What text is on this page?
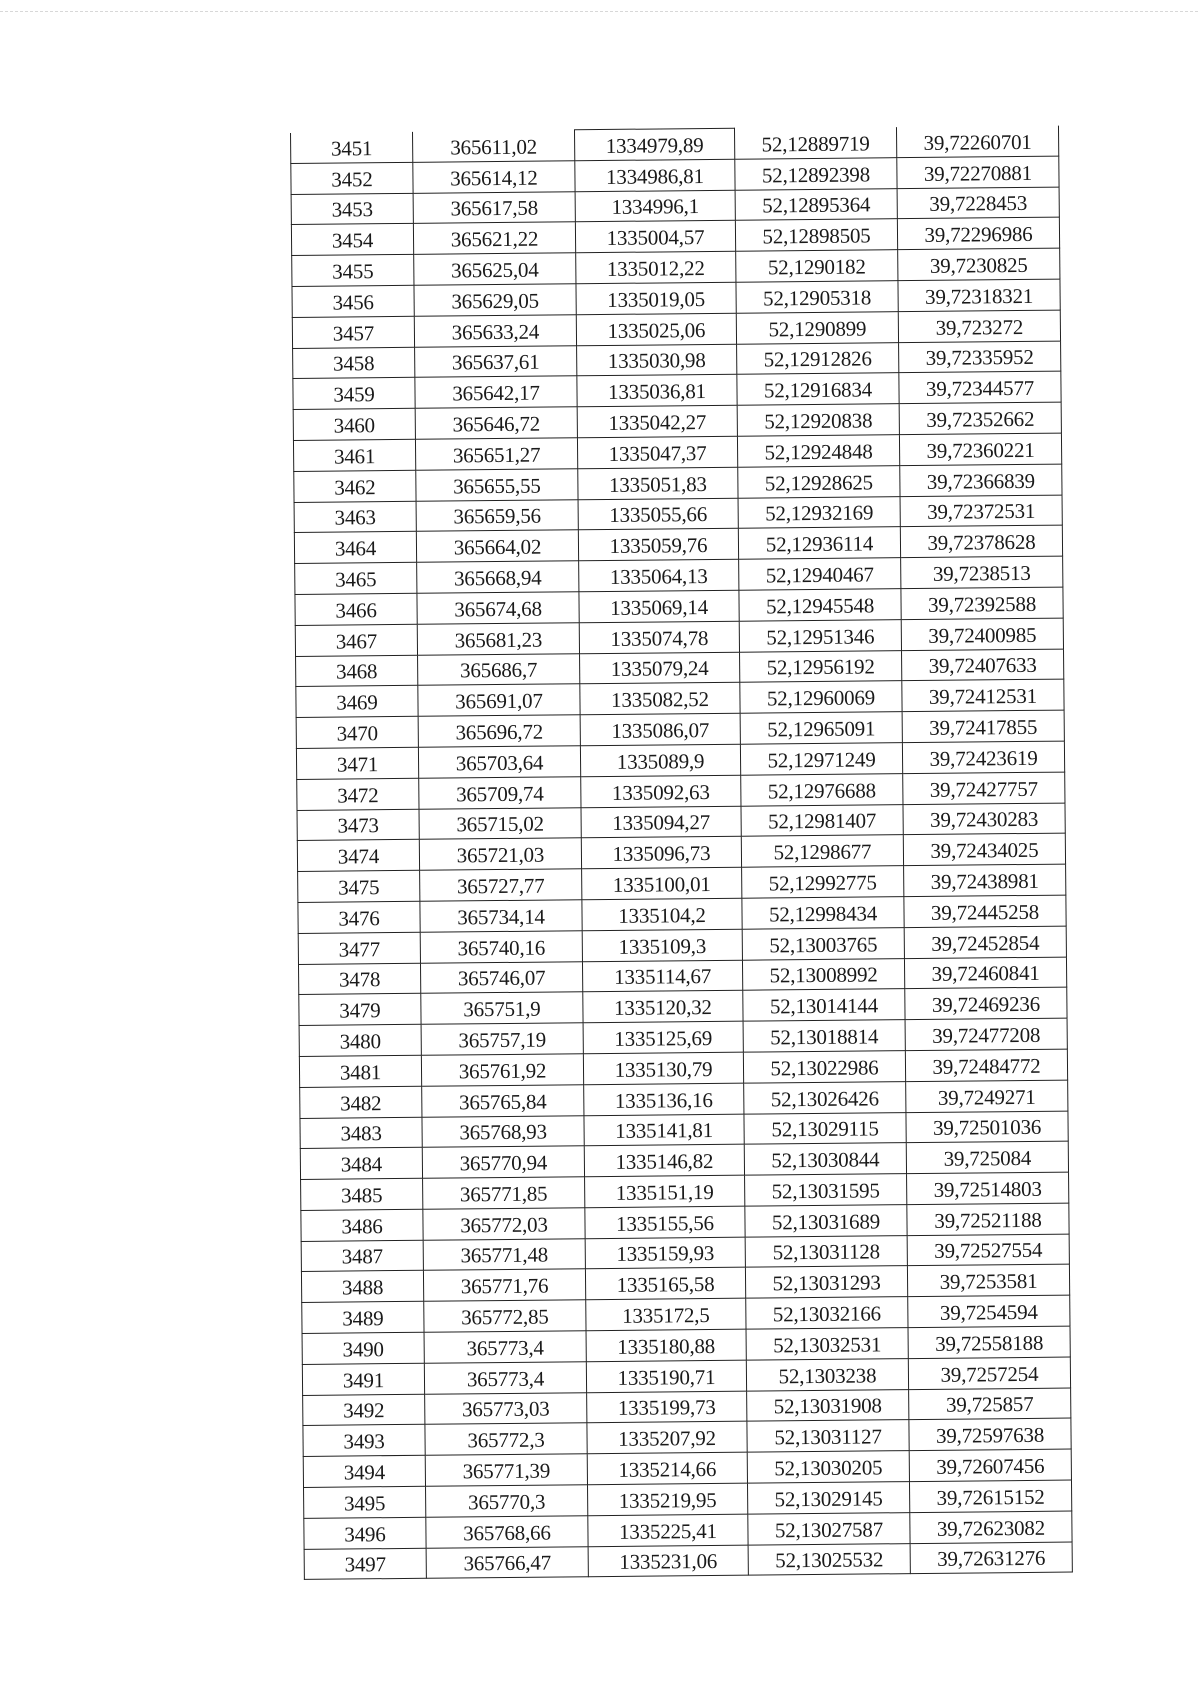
3451	365611,02	1334979,89	52,12889719	39,72260701
3452	365614,12	1334986,81	52,12892398	39,72270881
3453	365617,58	1334996,1	52,12895364	39,7228453
3454	365621,22	1335004,57	52,12898505	39,72296986
3455	365625,04	1335012,22	52,1290182	39,7230825
3456	365629,05	1335019,05	52,12905318	39,72318321
3457	365633,24	1335025,06	52,1290899	39,723272
3458	365637,61	1335030,98	52,12912826	39,72335952
3459	365642,17	1335036,81	52,12916834	39,72344577
3460	365646,72	1335042,27	52,12920838	39,72352662
3461	365651,27	1335047,37	52,12924848	39,72360221
3462	365655,55	1335051,83	52,12928625	39,72366839
3463	365659,56	1335055,66	52,12932169	39,72372531
3464	365664,02	1335059,76	52,12936114	39,72378628
3465	365668,94	1335064,13	52,12940467	39,7238513
3466	365674,68	1335069,14	52,12945548	39,72392588
3467	365681,23	1335074,78	52,12951346	39,72400985
3468	365686,7	1335079,24	52,12956192	39,72407633
3469	365691,07	1335082,52	52,12960069	39,72412531
3470	365696,72	1335086,07	52,12965091	39,72417855
3471	365703,64	1335089,9	52,12971249	39,72423619
3472	365709,74	1335092,63	52,12976688	39,72427757
3473	365715,02	1335094,27	52,12981407	39,72430283
3474	365721,03	1335096,73	52,1298677	39,72434025
3475	365727,77	1335100,01	52,12992775	39,72438981
3476	365734,14	1335104,2	52,12998434	39,72445258
3477	365740,16	1335109,3	52,13003765	39,72452854
3478	365746,07	1335114,67	52,13008992	39,72460841
3479	365751,9	1335120,32	52,13014144	39,72469236
3480	365757,19	1335125,69	52,13018814	39,72477208
3481	365761,92	1335130,79	52,13022986	39,72484772
3482	365765,84	1335136,16	52,13026426	39,7249271
3483	365768,93	1335141,81	52,13029115	39,72501036
3484	365770,94	1335146,82	52,13030844	39,725084
3485	365771,85	1335151,19	52,13031595	39,72514803
3486	365772,03	1335155,56	52,13031689	39,72521188
3487	365771,48	1335159,93	52,13031128	39,72527554
3488	365771,76	1335165,58	52,13031293	39,7253581
3489	365772,85	1335172,5	52,13032166	39,7254594
3490	365773,4	1335180,88	52,13032531	39,72558188
3491	365773,4	1335190,71	52,1303238	39,7257254
3492	365773,03	1335199,73	52,13031908	39,725857
3493	365772,3	1335207,92	52,13031127	39,72597638
3494	365771,39	1335214,66	52,13030205	39,72607456
3495	365770,3	1335219,95	52,13029145	39,72615152
3496	365768,66	1335225,41	52,13027587	39,72623082
3497	365766,47	1335231,06	52,13025532	39,72631276
